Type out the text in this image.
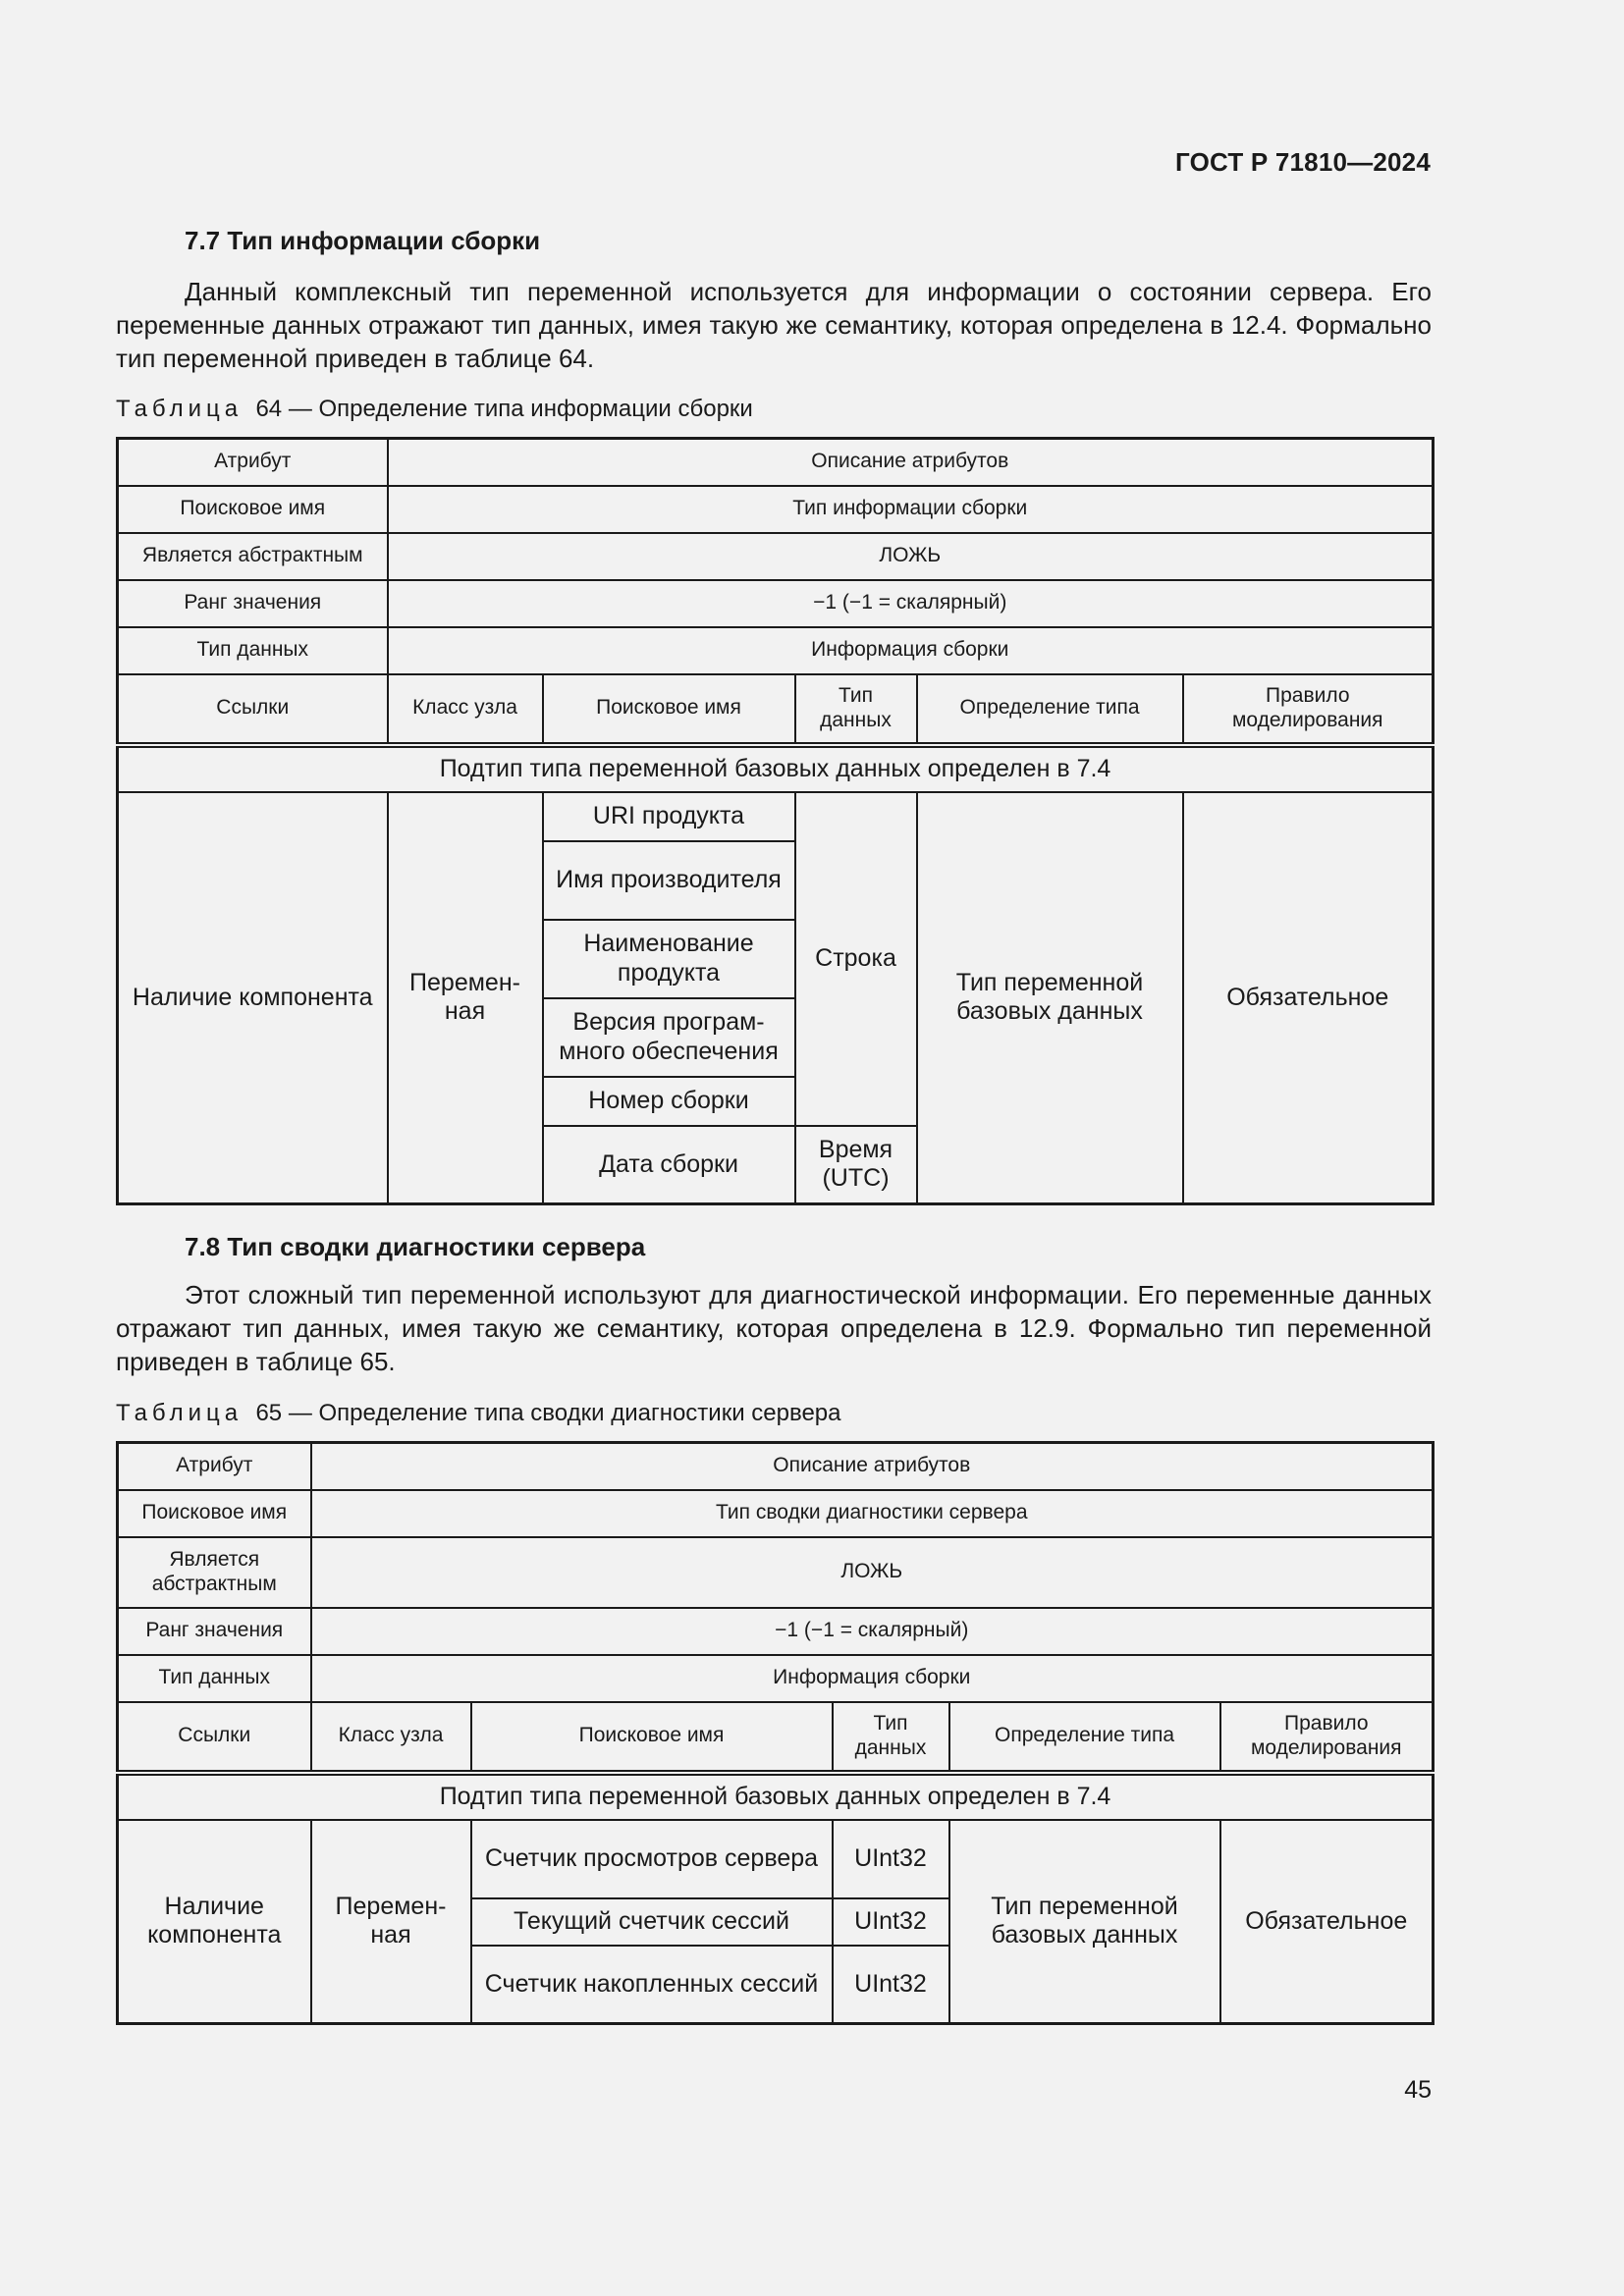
ГОСТ Р 71810—2024
7.7 Тип информации сборки
Данный комплексный тип переменной используется для информации о состоянии сервера. Его переменные данных отражают тип данных, имея такую же семантику, которая определена в 12.4. Формально тип переменной приведен в таблице 64.
Таблица 64 — Определение типа информации сборки
Атрибут	Описание атрибутов				
Поисковое имя	Тип информации сборки				
Является абстрактным	ЛОЖЬ				
Ранг значения	−1 (−1 = скалярный)				
Тип данных	Информация сборки				
Ссылки	Класс узла	Поисковое имя	Тип данных	Определение типа	Правило моделирования
Подтип типа переменной базовых данных определен в 7.4					
Наличие компонента	Перемен-ная	URI продукта	Строка	Тип переменной базовых данных	Обязательное
		Имя производителя			
		Наименование продукта			
		Версия програм-много обеспечения			
		Номер сборки			
		Дата сборки	Время (UTC)		
7.8 Тип сводки диагностики сервера
Этот сложный тип переменной используют для диагностической информации. Его переменные данных отражают тип данных, имея такую же семантику, которая определена в 12.9. Формально тип переменной приведен в таблице 65.
Таблица 65 — Определение типа сводки диагностики сервера
Атрибут	Описание атрибутов				
Поисковое имя	Тип сводки диагностики сервера				
Является абстрактным	ЛОЖЬ				
Ранг значения	−1 (−1 = скалярный)				
Тип данных	Информация сборки				
Ссылки	Класс узла	Поисковое имя	Тип данных	Определение типа	Правило моделирования
Подтип типа переменной базовых данных определен в 7.4					
Наличие компонента	Перемен-ная	Счетчик просмотров сервера	UInt32	Тип переменной базовых данных	Обязательное
		Текущий счетчик сессий	UInt32		
		Счетчик накопленных сессий	UInt32		
45
